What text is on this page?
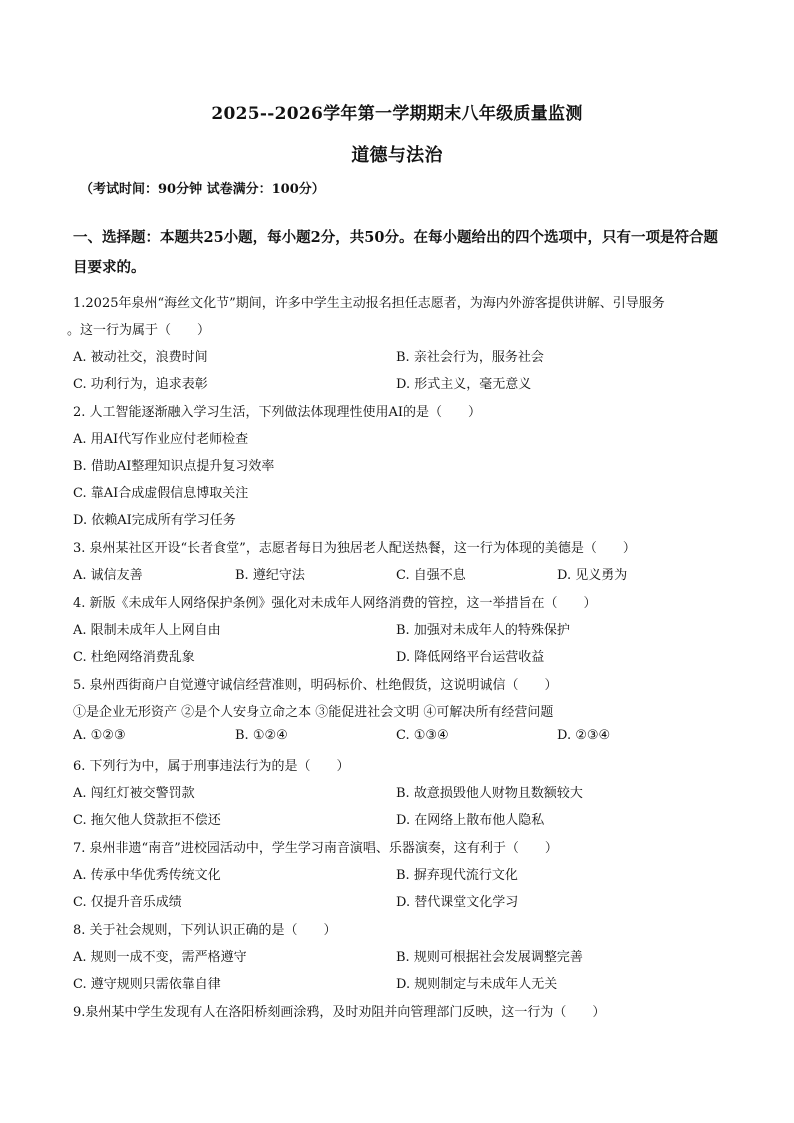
2025--2026学年第一学期期末八年级质量监测
道德与法治
（考试时间：90分钟 试卷满分：100分）
一、选择题：本题共25小题，每小题2分，共50分。在每小题给出的四个选项中，只有一项是符合题目要求的。
1.2025年泉州“海丝文化节”期间，许多中学生主动报名担任志愿者，为海内外游客提供讲解、引导服务
。这一行为属于（　　）
A. 被动社交，浪费时间	B. 亲社会行为，服务社会
C. 功利行为，追求表彰	D. 形式主义，毫无意义
2. 人工智能逐渐融入学习生活，下列做法体现理性使用AI的是（　　）
A. 用AI代写作业应付老师检查
B. 借助AI整理知识点提升复习效率
C. 靠AI合成虚假信息博取关注
D. 依赖AI完成所有学习任务
3. 泉州某社区开设“长者食堂”，志愿者每日为独居老人配送热餐，这一行为体现的美德是（　　）
A. 诚信友善	B. 遵纪守法	C. 自强不息	D. 见义勇为
4. 新版《未成年人网络保护条例》强化对未成年人网络消费的管控，这一举措旨在（　　）
A. 限制未成年人上网自由	B. 加强对未成年人的特殊保护
C. 杜绝网络消费乱象	D. 降低网络平台运营收益
5. 泉州西街商户自觉遵守诚信经营准则，明码标价、杜绝假货，这说明诚信（　　）
①是企业无形资产 ②是个人安身立命之本 ③能促进社会文明 ④可解决所有经营问题
A. ①②③	B. ①②④	C. ①③④	D. ②③④
6. 下列行为中，属于刑事违法行为的是（　　）
A. 闯红灯被交警罚款	B. 故意损毁他人财物且数额较大
C. 拖欠他人贷款拒不偿还	D. 在网络上散布他人隐私
7. 泉州非遗“南音”进校园活动中，学生学习南音演唱、乐器演奏，这有利于（　　）
A. 传承中华优秀传统文化	B. 摒弃现代流行文化
C. 仅提升音乐成绩	D. 替代课堂文化学习
8. 关于社会规则，下列认识正确的是（　　）
A. 规则一成不变，需严格遵守	B. 规则可根据社会发展调整完善
C. 遵守规则只需依靠自律	D. 规则制定与未成年人无关
9.泉州某中学生发现有人在洛阳桥刻画涂鸦，及时劝阻并向管理部门反映，这一行为（　　）
